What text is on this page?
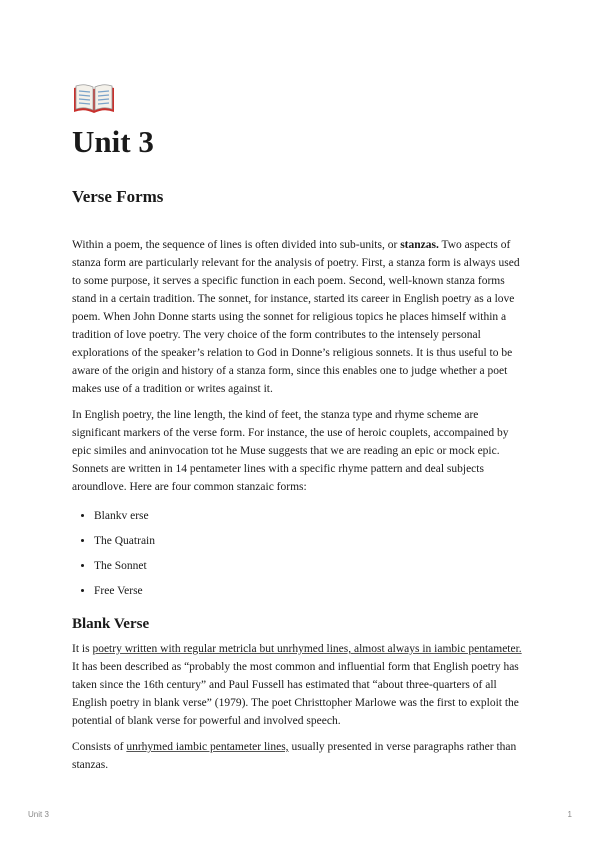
Unit 3
Verse Forms

Within a poem, the sequence of lines is often divided into sub-units, or stanzas. Two aspects of stanza form are particularly relevant for the analysis of poetry. First, a stanza form is always used to some purpose, it serves a specific function in each poem. Second, well-known stanza forms stand in a certain tradition. The sonnet, for instance, started its career in English poetry as a love poem. When John Donne starts using the sonnet for religious topics he places himself within a tradition of love poetry. The very choice of the form contributes to the intensely personal explorations of the speaker’s relation to God in Donne’s religious sonnets. It is thus useful to be aware of the origin and history of a stanza form, since this enables one to judge whether a poet makes use of a tradition or writes against it.

In English poetry, the line length, the kind of feet, the stanza type and rhyme scheme are significant markers of the verse form. For instance, the use of heroic couplets, accompained by epic similes and aninvocation tot he Muse suggests that we are reading an epic or mock epic. Sonnets are written in 14 pentameter lines with a specific rhyme pattern and deal subjects aroundlove. Here are four common stanzaic forms:

• Blankv erse
• The Quatrain
• The Sonnet
• Free Verse
Blank Verse

It is poetry written with regular metricla but unrhymed lines, almost always in iambic pentameter. It has been described as “probably the most common and influential form that English poetry has taken since the 16th century” and Paul Fussell has estimated that “about three-quarters of all English poetry in blank verse” (1979). The poet Christtopher Marlowe was the first to exploit the potential of blank verse for powerful and involved speech.

Consists of unrhymed iambic pentameter lines, usually presented in verse paragraphs rather than stanzas.

Unit 3	1
